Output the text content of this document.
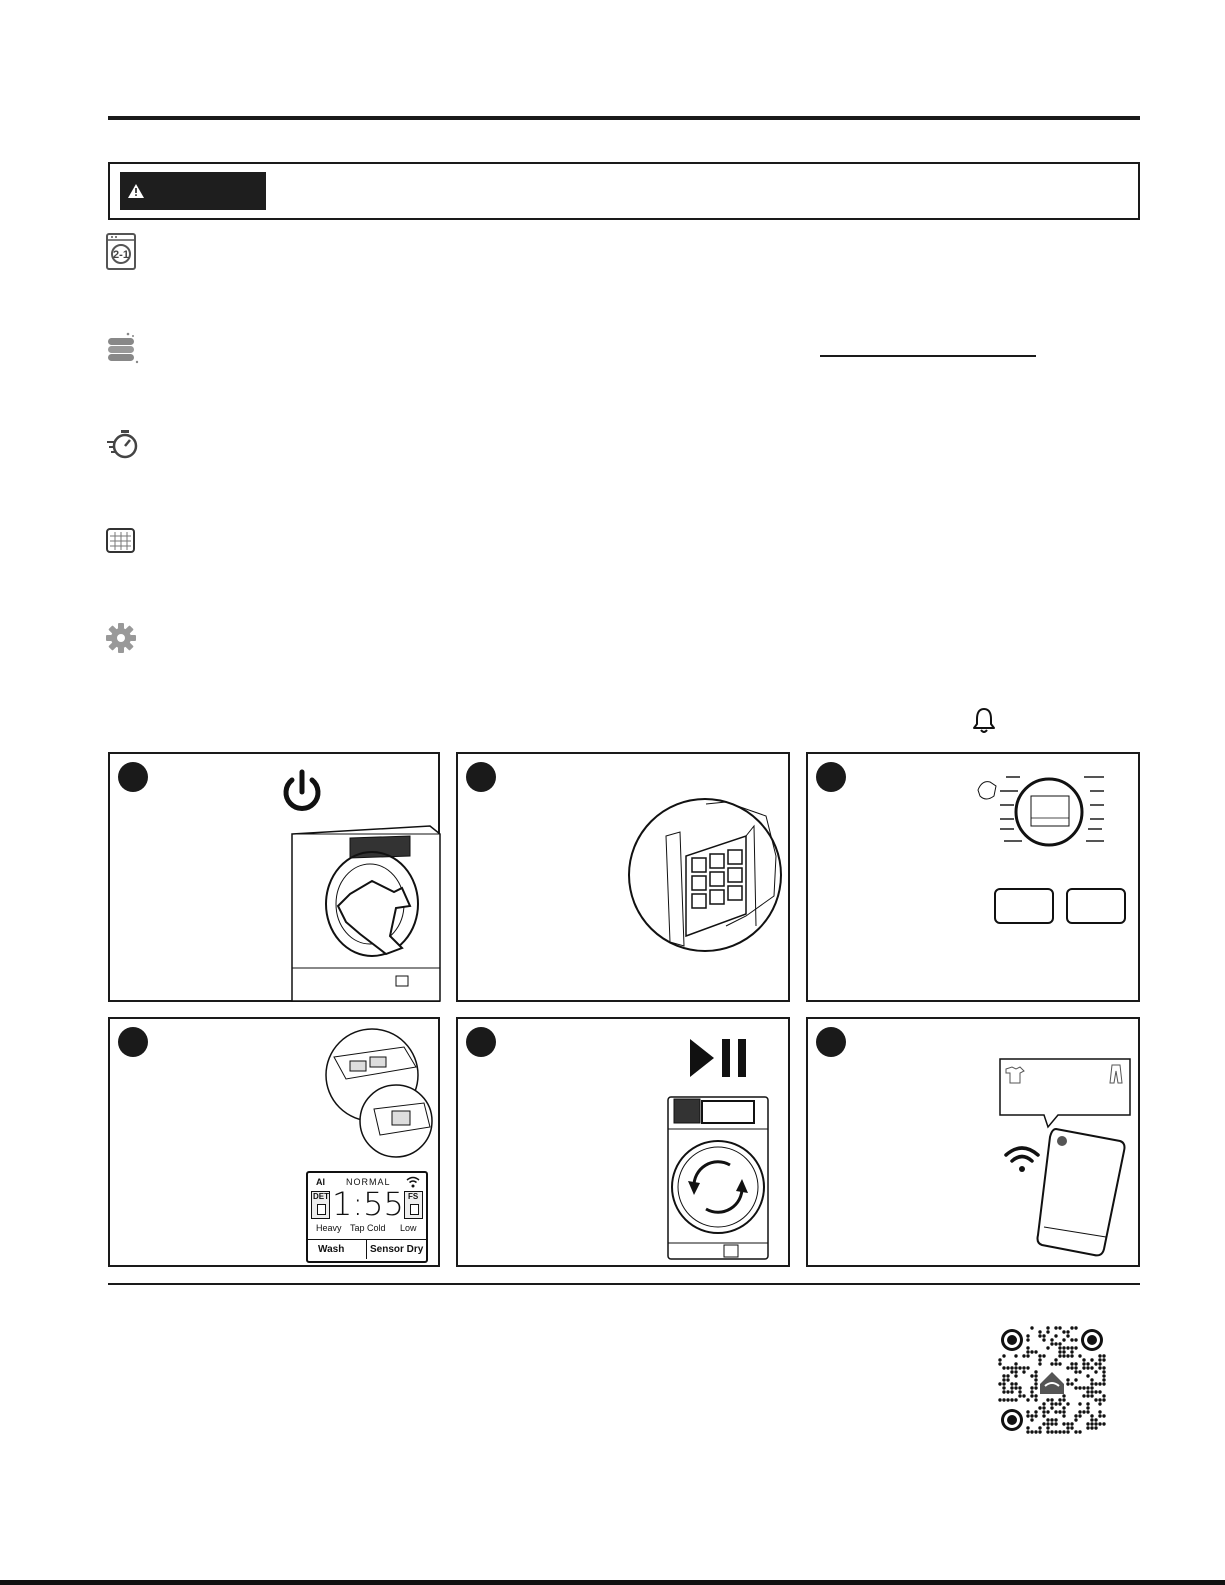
2-1
AI NORMAL
DET 1:55 FS
Heavy Tap Cold Low
Wash	Sensor Dry
